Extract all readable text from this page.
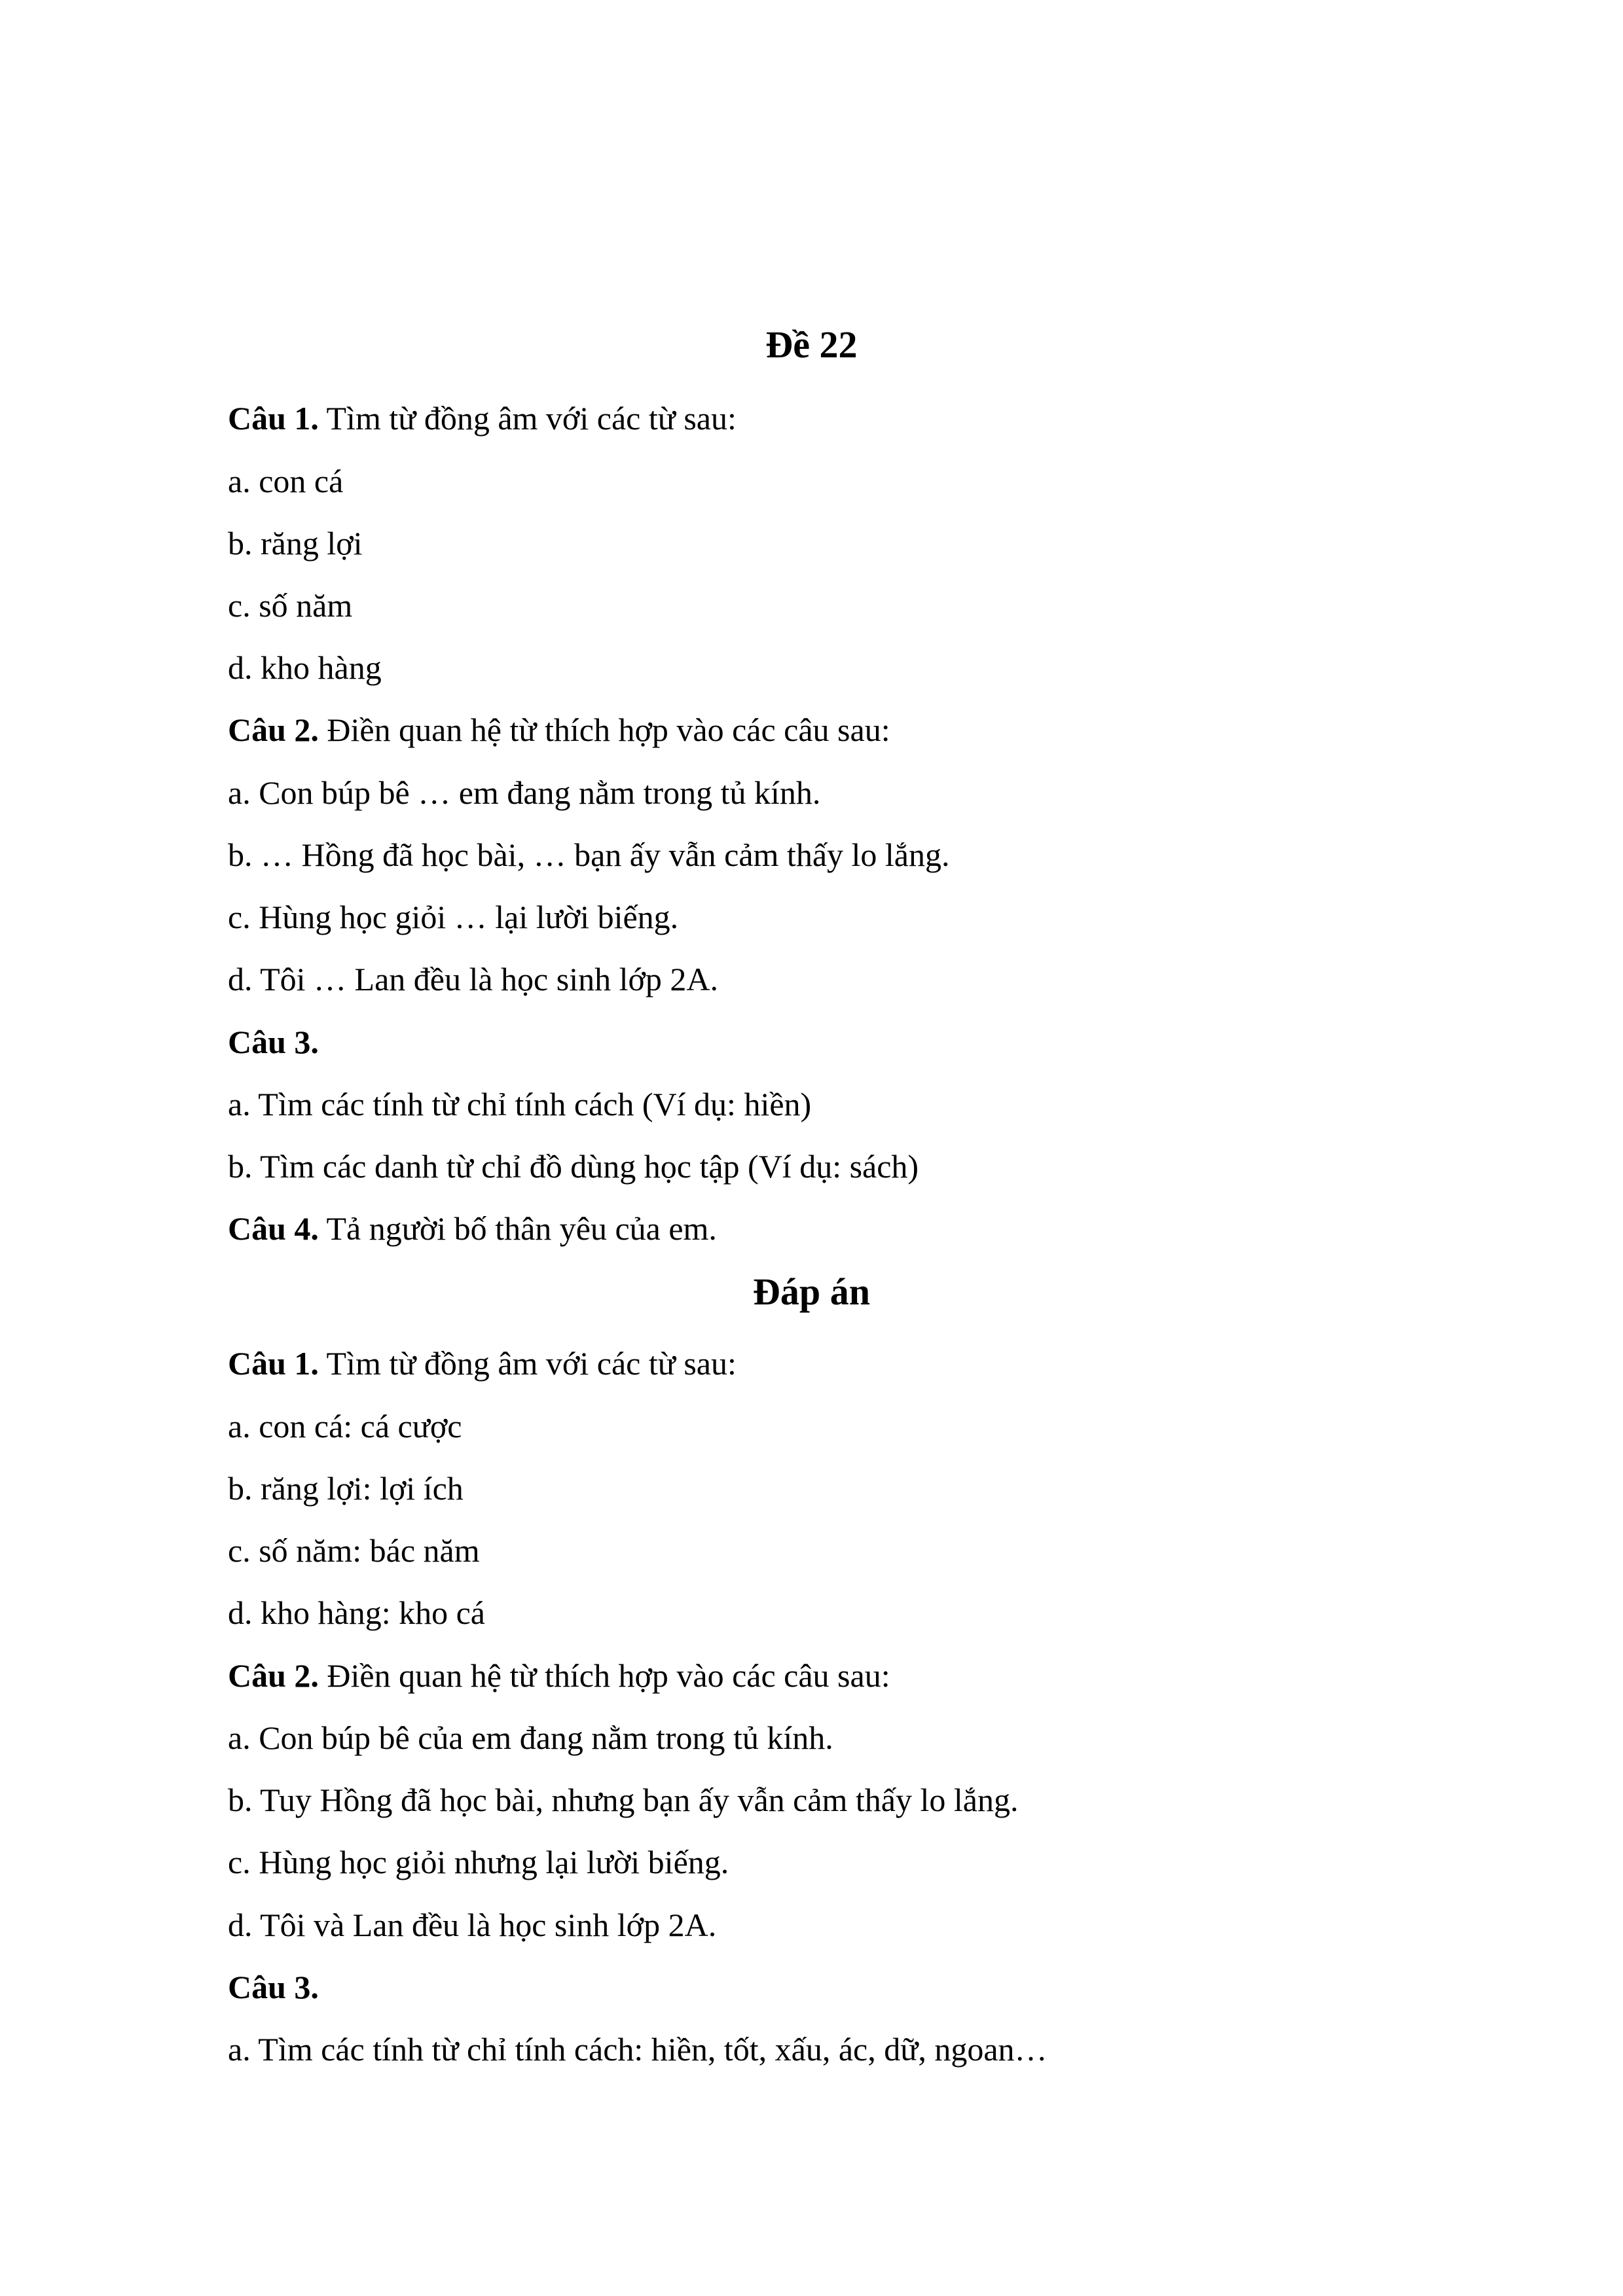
Đề 22

Câu 1. Tìm từ đồng âm với các từ sau:

a. con cá

b. răng lợi

c. số năm

d. kho hàng

Câu 2. Điền quan hệ từ thích hợp vào các câu sau:

a. Con búp bê … em đang nằm trong tủ kính.

b. … Hồng đã học bài, … bạn ấy vẫn cảm thấy lo lắng.

c. Hùng học giỏi … lại lười biếng.

d. Tôi … Lan đều là học sinh lớp 2A.

Câu 3.

a. Tìm các tính từ chỉ tính cách (Ví dụ: hiền)

b. Tìm các danh từ chỉ đồ dùng học tập (Ví dụ: sách)

Câu 4. Tả người bố thân yêu của em.

Đáp án

Câu 1. Tìm từ đồng âm với các từ sau:

a. con cá: cá cược

b. răng lợi: lợi ích

c. số năm: bác năm

d. kho hàng: kho cá

Câu 2. Điền quan hệ từ thích hợp vào các câu sau:

a. Con búp bê của em đang nằm trong tủ kính.

b. Tuy Hồng đã học bài, nhưng bạn ấy vẫn cảm thấy lo lắng.

c. Hùng học giỏi nhưng lại lười biếng.

d. Tôi và Lan đều là học sinh lớp 2A.

Câu 3.

a. Tìm các tính từ chỉ tính cách: hiền, tốt, xấu, ác, dữ, ngoan…
